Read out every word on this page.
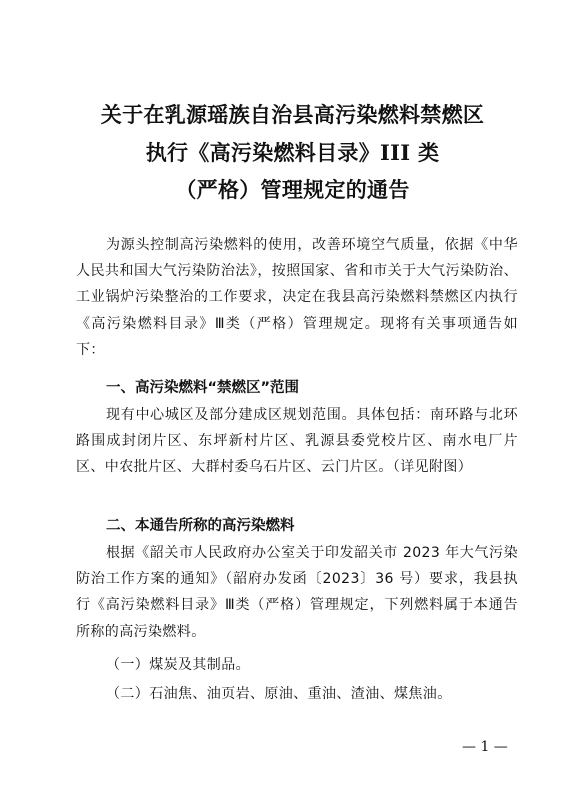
关于在乳源瑶族自治县高污染燃料禁燃区
执行《高污染燃料目录》III 类
（严格）管理规定的通告
为源头控制高污染燃料的使用，改善环境空气质量，依据《中华人民共和国大气污染防治法》，按照国家、省和市关于大气污染防治、工业锅炉污染整治的工作要求，决定在我县高污染燃料禁燃区内执行《高污染燃料目录》Ⅲ类（严格）管理规定。现将有关事项通告如下：
一、高污染燃料“禁燃区”范围
现有中心城区及部分建成区规划范围。具体包括：南环路与北环路围成封闭片区、东坪新村片区、乳源县委党校片区、南水电厂片区、中农批片区、大群村委乌石片区、云门片区。（详见附图）
二、本通告所称的高污染燃料
根据《韶关市人民政府办公室关于印发韶关市 2023 年大气污染防治工作方案的通知》（韶府办发函〔2023〕36 号）要求，我县执行《高污染燃料目录》Ⅲ类（严格）管理规定，下列燃料属于本通告所称的高污染燃料。
（一）煤炭及其制品。
（二）石油焦、油页岩、原油、重油、渣油、煤焦油。
— 1 —
